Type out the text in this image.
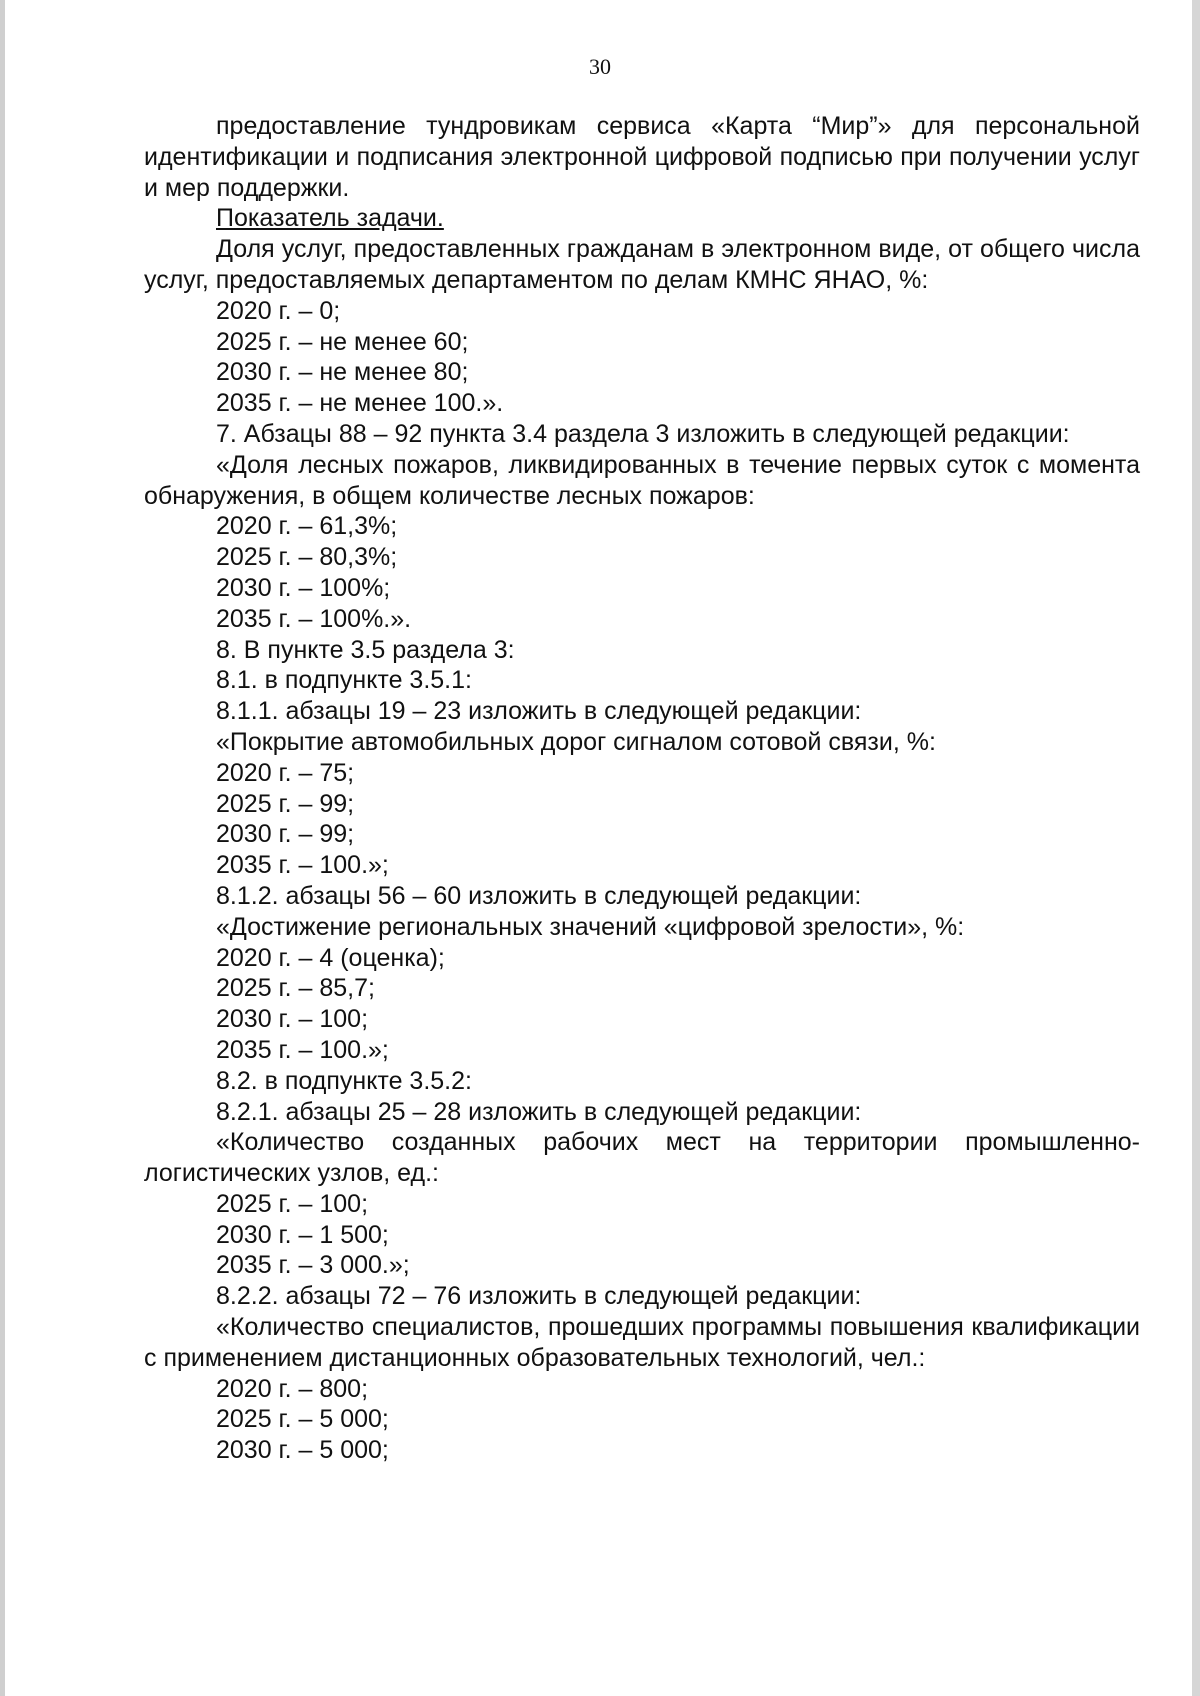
30

предоставление тундровикам сервиса «Карта “Мир”» для персональной идентификации и подписания электронной цифровой подписью при получении услуг и мер поддержки.

Показатель задачи.

Доля услуг, предоставленных гражданам в электронном виде, от общего числа услуг, предоставляемых департаментом по делам КМНС ЯНАО, %:

2020 г. – 0;

2025 г. – не менее 60;

2030 г. – не менее 80;

2035 г. – не менее 100.».

7. Абзацы 88 – 92 пункта 3.4 раздела 3 изложить в следующей редакции:

«Доля лесных пожаров, ликвидированных в течение первых суток с момента обнаружения, в общем количестве лесных пожаров:

2020 г. – 61,3%;

2025 г. – 80,3%;

2030 г. – 100%;

2035 г. – 100%.».

8. В пункте 3.5 раздела 3:

8.1. в подпункте 3.5.1:

8.1.1. абзацы 19 – 23 изложить в следующей редакции:

«Покрытие автомобильных дорог сигналом сотовой связи, %:

2020 г. – 75;

2025 г. – 99;

2030 г. – 99;

2035 г. – 100.»;

8.1.2. абзацы 56 – 60 изложить в следующей редакции:

«Достижение региональных значений «цифровой зрелости», %:

2020 г. – 4 (оценка);

2025 г. – 85,7;

2030 г. – 100;

2035 г. – 100.»;

8.2. в подпункте 3.5.2:

8.2.1. абзацы 25 – 28 изложить в следующей редакции:

«Количество созданных рабочих мест на территории промышленно-логистических узлов, ед.:

2025 г. – 100;

2030 г. – 1 500;

2035 г. – 3 000.»;

8.2.2. абзацы 72 – 76 изложить в следующей редакции:

«Количество специалистов, прошедших программы повышения квалификации с применением дистанционных образовательных технологий, чел.:

2020 г. – 800;

2025 г. – 5 000;

2030 г. – 5 000;
